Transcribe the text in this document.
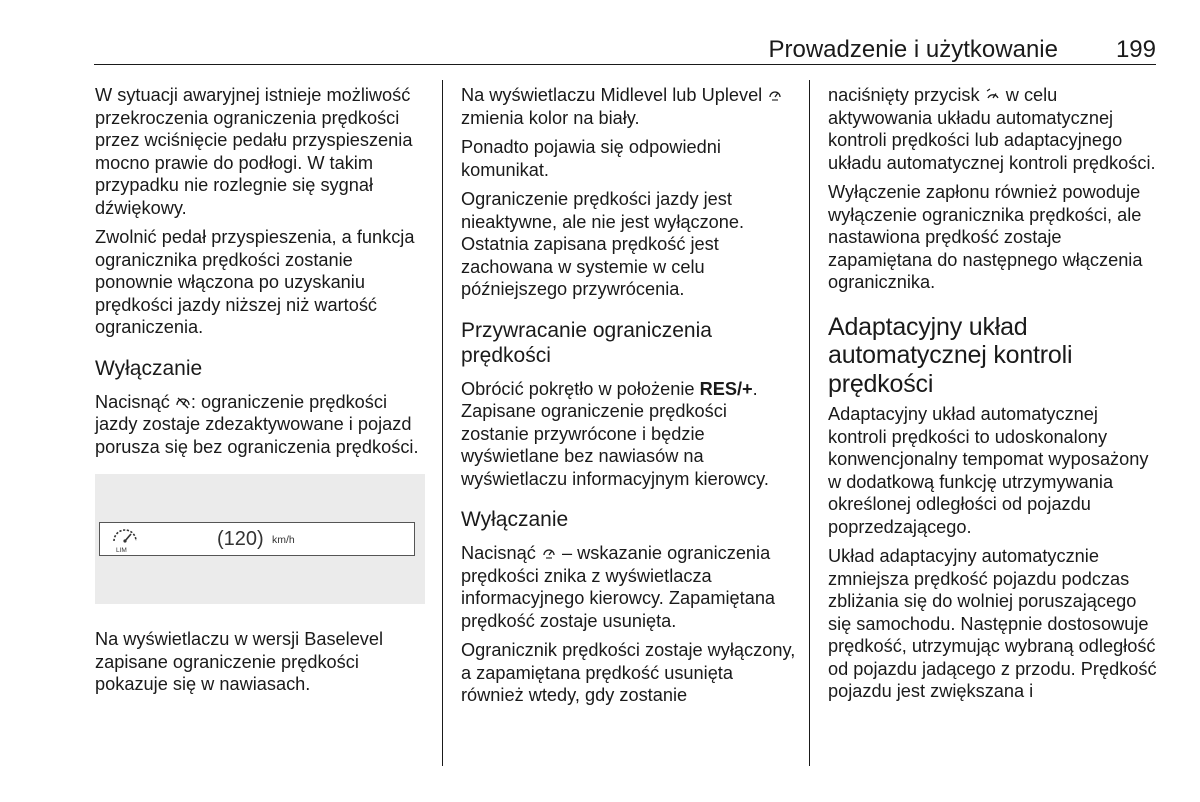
Prowadzenie i użytkowanie 199

W sytuacji awaryjnej istnieje możliwość przekroczenia ograniczenia prędkości przez wciśnięcie pedału przyspieszenia mocno prawie do podłogi. W takim przypadku nie rozlegnie się sygnał dźwiękowy.

Zwolnić pedał przyspieszenia, a funkcja ogranicznika prędkości zostanie ponownie włączona po uzyskaniu prędkości jazdy niższej niż wartość ograniczenia.

Wyłączanie

Nacisnąć : ograniczenie prędkości jazdy zostaje zdezaktywowane i pojazd porusza się bez ograniczenia prędkości.

LIM
(120) km/h

Na wyświetlaczu w wersji Baselevel zapisane ograniczenie prędkości pokazuje się w nawiasach.

Na wyświetlaczu Midlevel lub Uplevel  zmienia kolor na biały.

Ponadto pojawia się odpowiedni komunikat.

Ograniczenie prędkości jazdy jest nieaktywne, ale nie jest wyłączone. Ostatnia zapisana prędkość jest zachowana w systemie w celu późniejszego przywrócenia.

Przywracanie ograniczenia prędkości

Obrócić pokrętło w położenie RES/+. Zapisane ograniczenie prędkości zostanie przywrócone i będzie wyświetlane bez nawiasów na wyświetlaczu informacyjnym kierowcy.

Wyłączanie

Nacisnąć – wskazanie ograniczenia prędkości znika z wyświetlacza informacyjnego kierowcy. Zapamiętana prędkość zostaje usunięta.

Ogranicznik prędkości zostaje wyłączony, a zapamiętana prędkość usunięta również wtedy, gdy zostanie

naciśnięty przycisk w celu aktywowania układu automatycznej kontroli prędkości lub adaptacyjnego układu automatycznej kontroli prędkości.

Wyłączenie zapłonu również powoduje wyłączenie ogranicznika prędkości, ale nastawiona prędkość zostaje zapamiętana do następnego włączenia ogranicznika.

Adaptacyjny układ automatycznej kontroli prędkości

Adaptacyjny układ automatycznej kontroli prędkości to udoskonalony konwencjonalny tempomat wyposażony w dodatkową funkcję utrzymywania określonej odległości od pojazdu poprzedzającego.

Układ adaptacyjny automatycznie zmniejsza prędkość pojazdu podczas zbliżania się do wolniej poruszającego się samochodu. Następnie dostosowuje prędkość, utrzymując wybraną odległość od pojazdu jadącego z przodu. Prędkość pojazdu jest zwiększana i
